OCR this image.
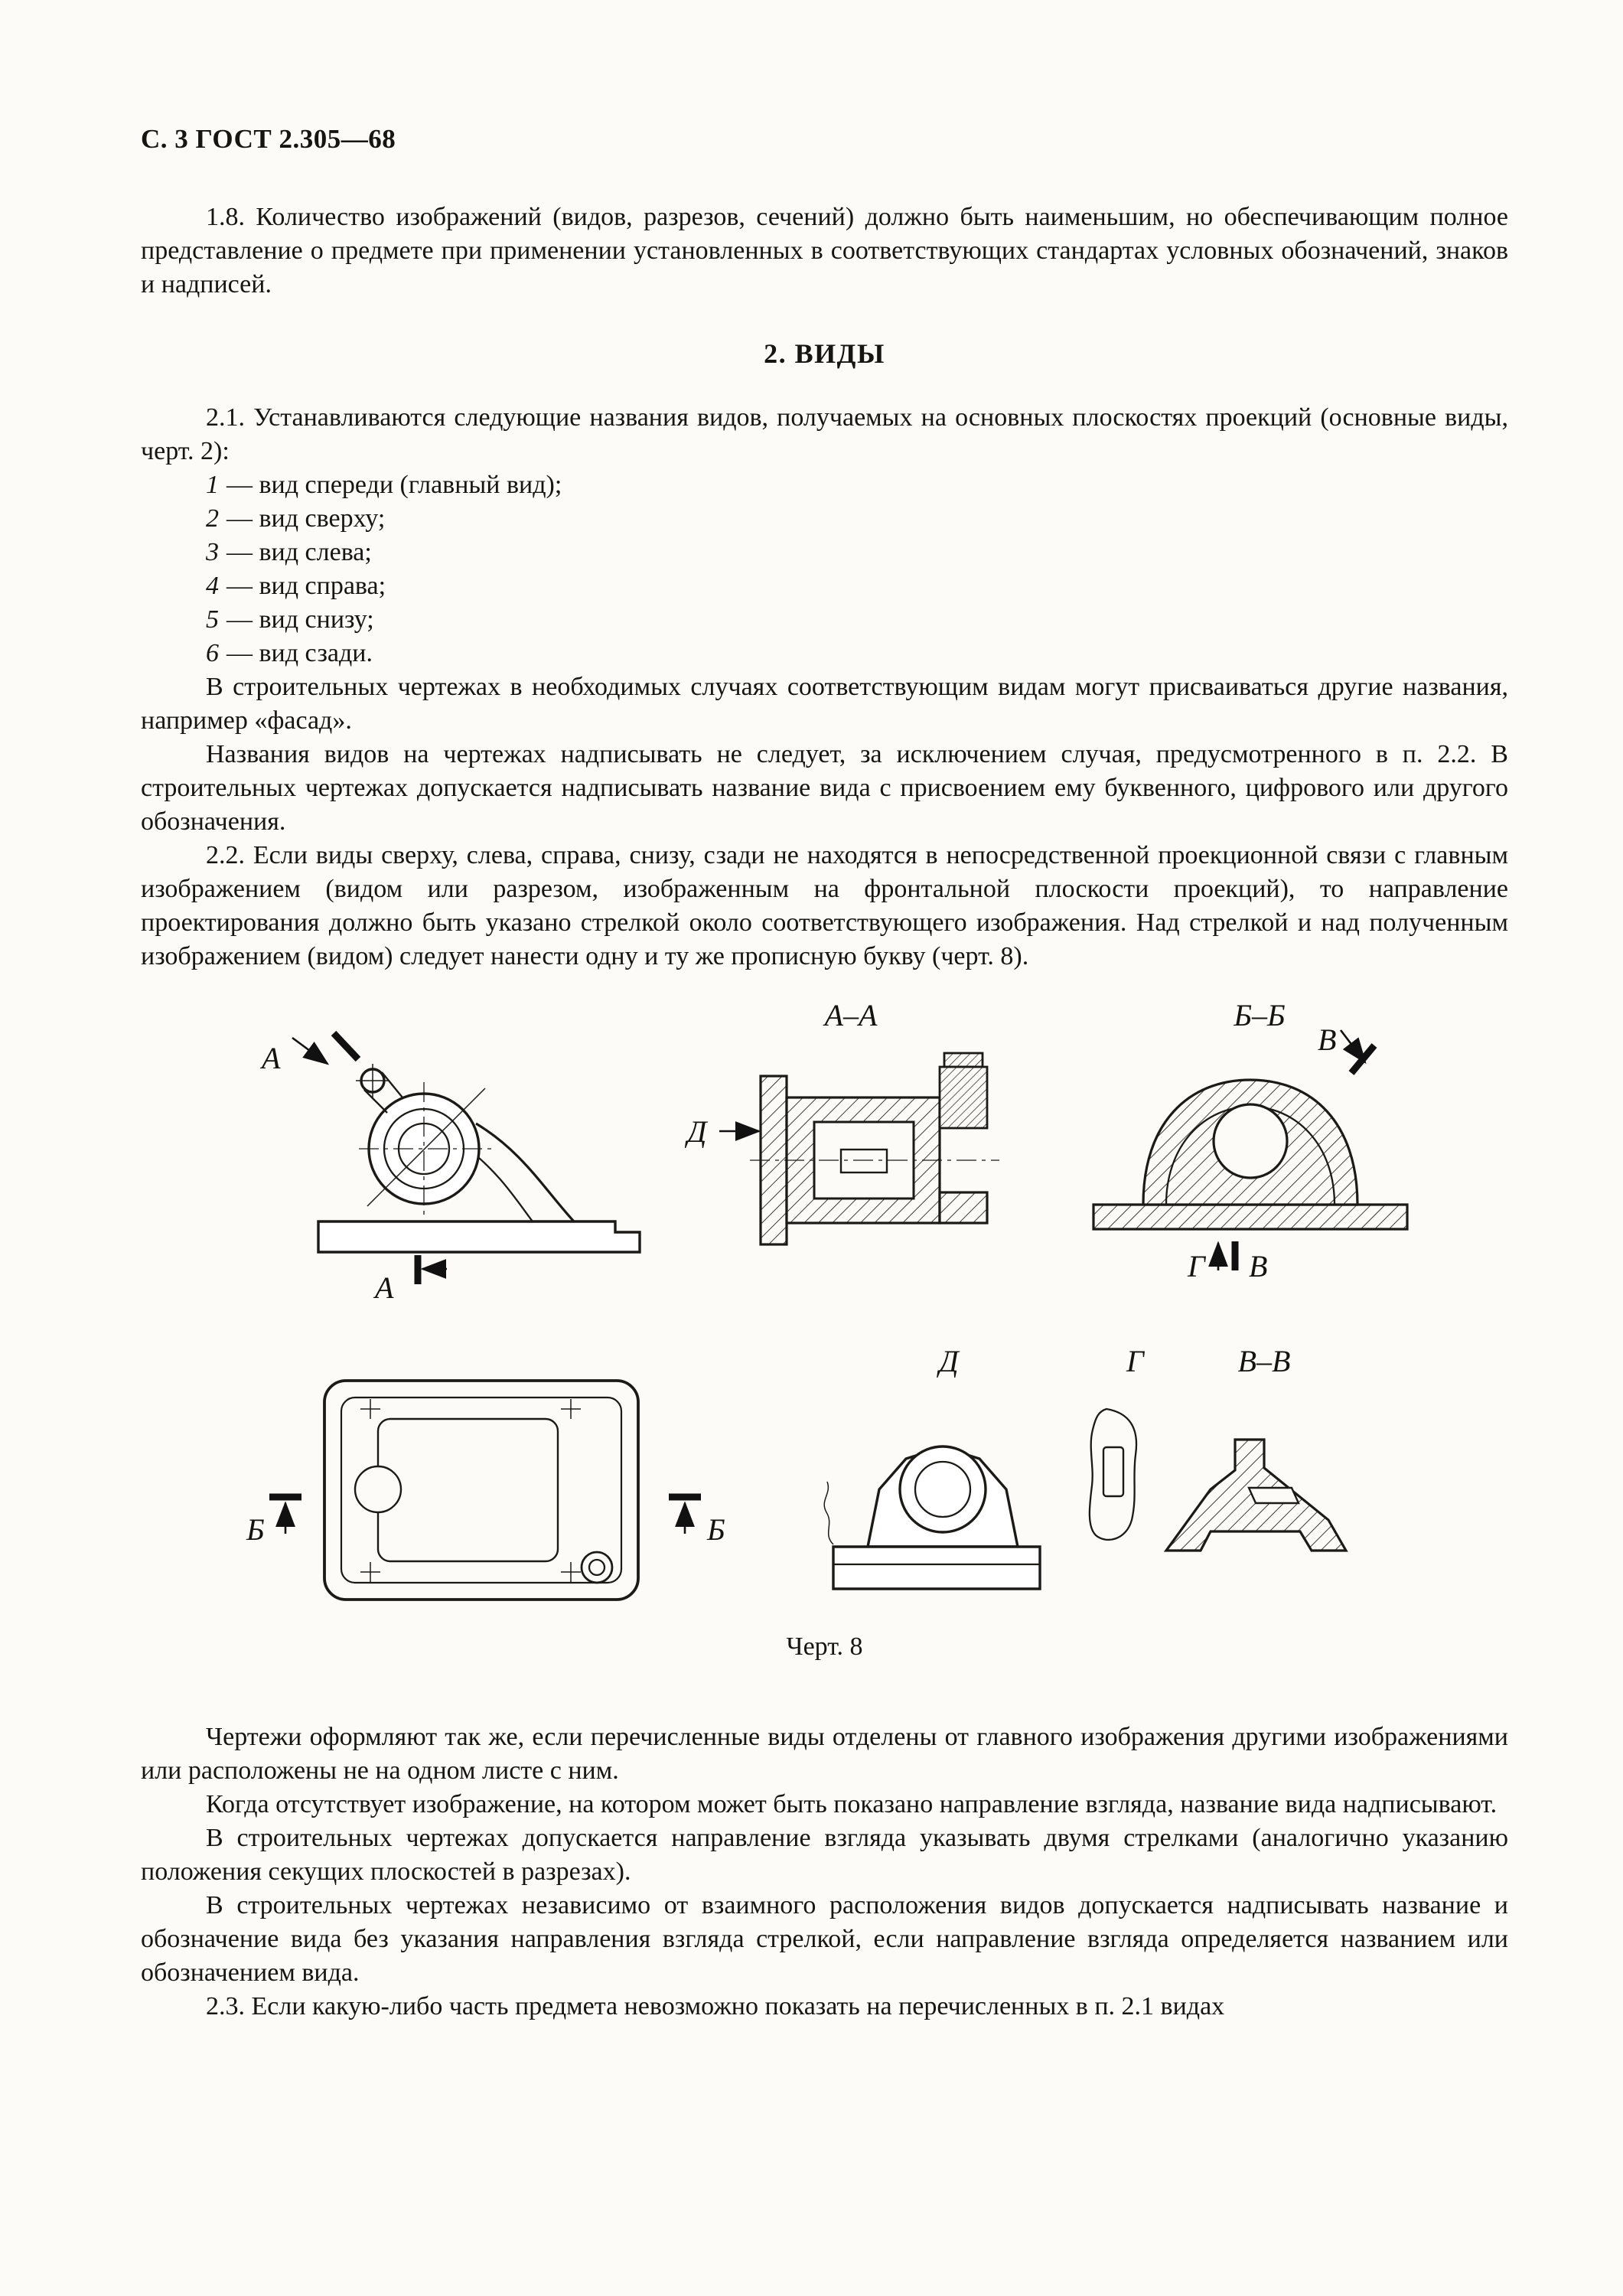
С. 3 ГОСТ 2.305—68

1.8. Количество изображений (видов, разрезов, сечений) должно быть наименьшим, но обеспечивающим полное представление о предмете при применении установленных в соответствующих стандартах условных обозначений, знаков и надписей.

2. ВИДЫ

2.1. Устанавливаются следующие названия видов, получаемых на основных плоскостях проекций (основные виды, черт. 2):

1 — вид спереди (главный вид);
2 — вид сверху;
3 — вид слева;
4 — вид справа;
5 — вид снизу;
6 — вид сзади.

В строительных чертежах в необходимых случаях соответствующим видам могут присваиваться другие названия, например «фасад».

Названия видов на чертежах надписывать не следует, за исключением случая, предусмотренного в п. 2.2. В строительных чертежах допускается надписывать название вида с присвоением ему буквенного, цифрового или другого обозначения.

2.2. Если виды сверху, слева, справа, снизу, сзади не находятся в непосредственной проекционной связи с главным изображением (видом или разрезом, изображенным на фронтальной плоскости проекций), то направление проектирования должно быть указано стрелкой около соответствующего изображения. Над стрелкой и над полученным изображением (видом) следует нанести одну и ту же прописную букву (черт. 8).

А
А
А–А
Д
Б–Б
В
Г В
Б	Б
Д	Г	В–В
Черт. 8

Чертежи оформляют так же, если перечисленные виды отделены от главного изображения другими изображениями или расположены не на одном листе с ним.

Когда отсутствует изображение, на котором может быть показано направление взгляда, название вида надписывают.

В строительных чертежах допускается направление взгляда указывать двумя стрелками (аналогично указанию положения секущих плоскостей в разрезах).

В строительных чертежах независимо от взаимного расположения видов допускается надписывать название и обозначение вида без указания направления взгляда стрелкой, если направление взгляда определяется названием или обозначением вида.

2.3. Если какую-либо часть предмета невозможно показать на перечисленных в п. 2.1 видах
